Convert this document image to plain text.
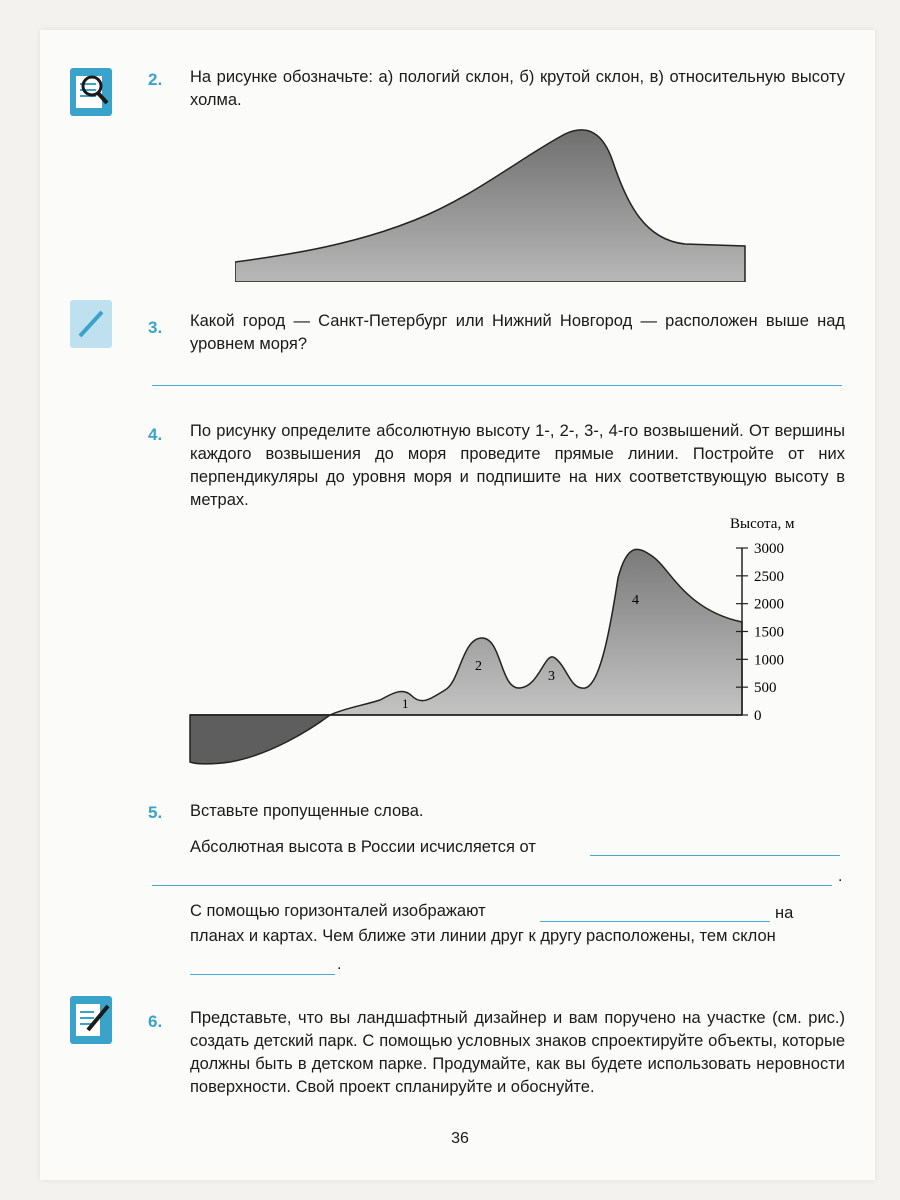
2. На рисунке обозначьте: а) пологий склон, б) крутой склон, в) относительную высоту холма.
3. Какой город — Санкт-Петербург или Нижний Новгород — расположен выше над уровнем моря?
4. По рисунку определите абсолютную высоту 1-, 2-, 3-, 4-го возвышений. От вершины каждого возвышения до моря проведите прямые линии. Постройте от них перпендикуляры до уровня моря и подпишите на них соответствующую высоту в метрах.
Высота, м
3000
2500
2000
1500
1000
500
0
1
2
3
4
5. Вставьте пропущенные слова.
Абсолютная высота в России исчисляется от
.
С помощью горизонталей изображают	на планах и картах. Чем ближе эти линии друг к другу расположены, тем склон
.
6. Представьте, что вы ландшафтный дизайнер и вам поручено на участке (см. рис.) создать детский парк. С помощью условных знаков спроектируйте объекты, которые должны быть в детском парке. Продумайте, как вы будете использовать неровности поверхности. Свой проект спланируйте и обоснуйте.
36
